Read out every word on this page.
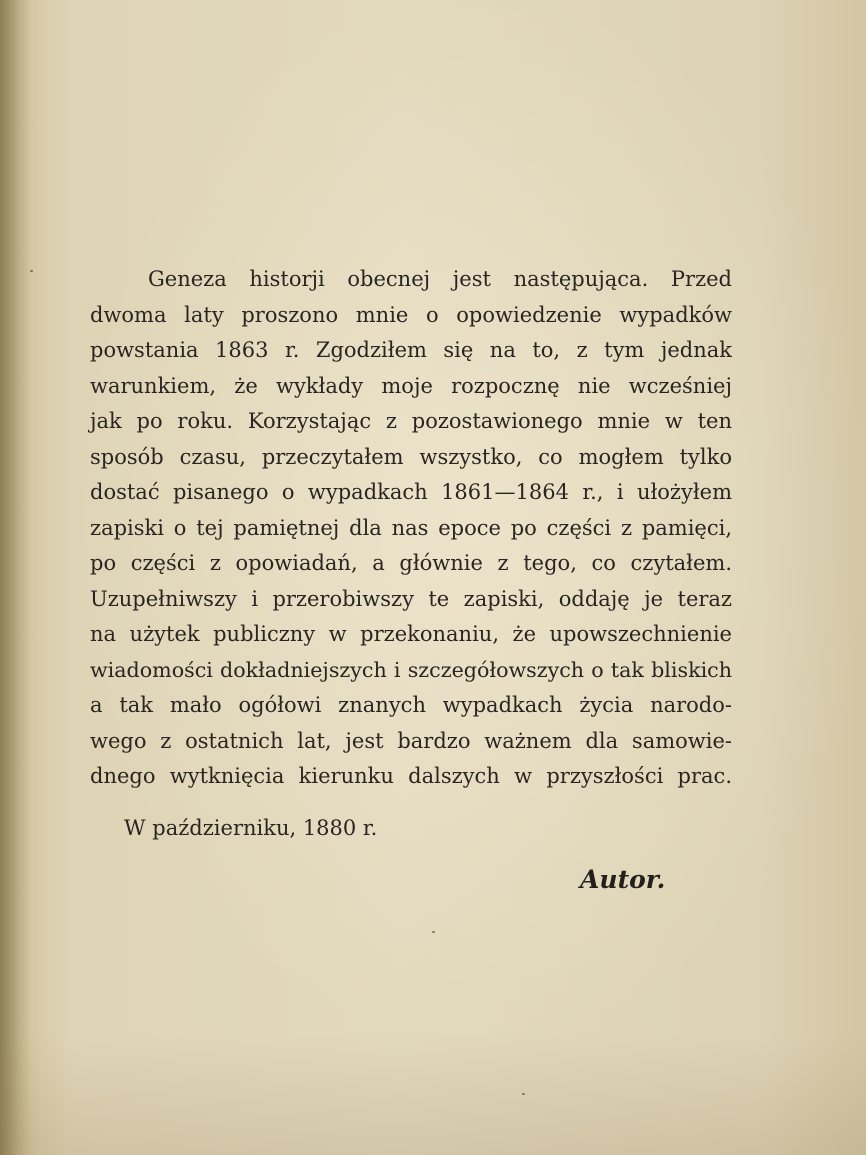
Geneza historji obecnej jest następująca. Przed
dwoma laty proszono mnie o opowiedzenie wypadków
powstania 1863 r. Zgodziłem się na to, z tym jednak
warunkiem, że wykłady moje rozpocznę nie wcześniej
jak po roku. Korzystając z pozostawionego mnie w ten
sposób czasu, przeczytałem wszystko, co mogłem tylko
dostać pisanego o wypadkach 1861—1864 r., i ułożyłem
zapiski o tej pamiętnej dla nas epoce po części z pamięci,
po części z opowiadań, a głównie z tego, co czytałem.
Uzupełniwszy i przerobiwszy te zapiski, oddaję je teraz
na użytek publiczny w przekonaniu, że upowszechnienie
wiadomości dokładniejszych i szczegółowszych o tak bliskich
a tak mało ogółowi znanych wypadkach życia narodo-
wego z ostatnich lat, jest bardzo ważnem dla samowie-
dnego wytknięcia kierunku dalszych w przyszłości prac.
W październiku, 1880 r.
Autor.
